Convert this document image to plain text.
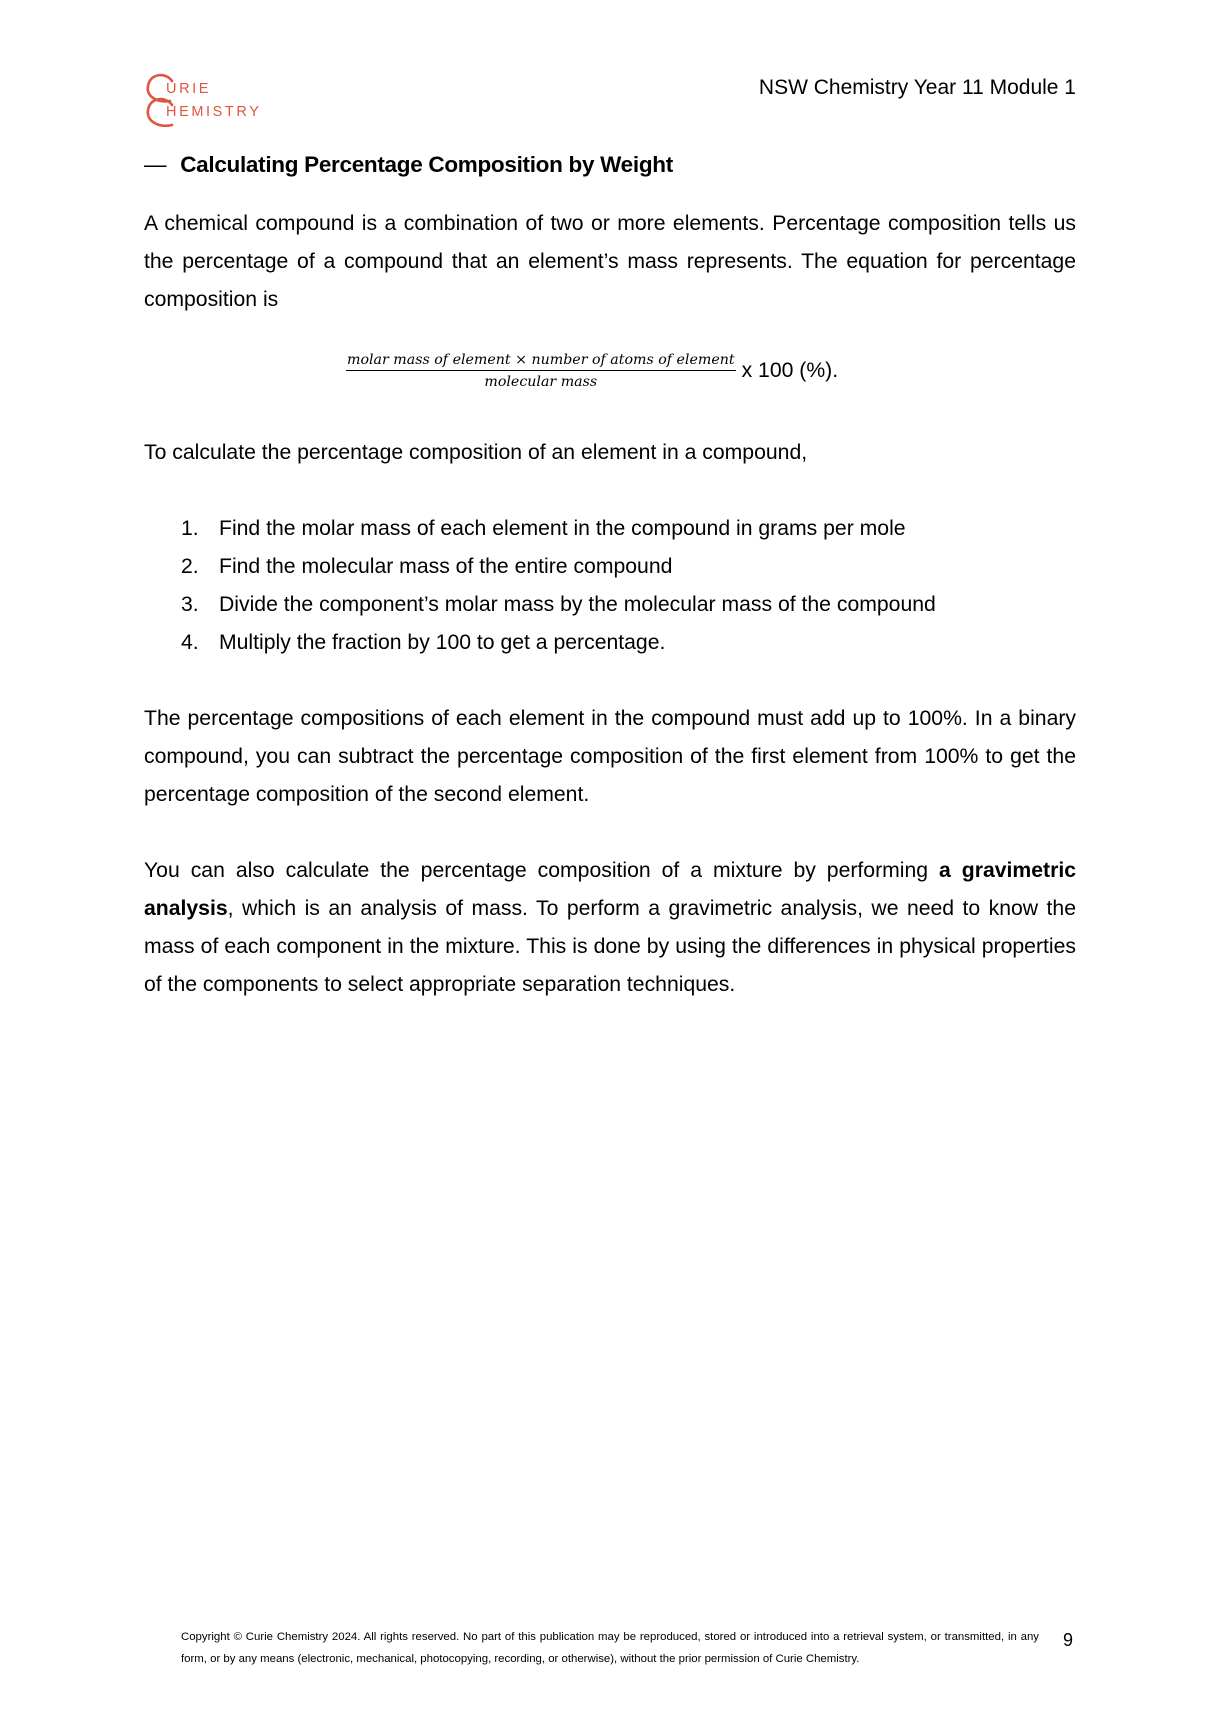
URIE
HEMISTRY
NSW Chemistry Year 11 Module 1
— Calculating Percentage Composition by Weight

A chemical compound is a combination of two or more elements. Percentage composition tells us the percentage of a compound that an element’s mass represents. The equation for percentage composition is

$\frac{\text{molar mass of element × number of atoms of element}}{\text{molecular mass}}$ x 100 (%).

To calculate the percentage composition of an element in a compound,

1. Find the molar mass of each element in the compound in grams per mole
2. Find the molecular mass of the entire compound
3. Divide the component’s molar mass by the molecular mass of the compound
4. Multiply the fraction by 100 to get a percentage.

The percentage compositions of each element in the compound must add up to 100%. In a binary compound, you can subtract the percentage composition of the first element from 100% to get the percentage composition of the second element.

You can also calculate the percentage composition of a mixture by performing a gravimetric analysis, which is an analysis of mass. To perform a gravimetric analysis, we need to know the mass of each component in the mixture. This is done by using the differences in physical properties of the components to select appropriate separation techniques.

Copyright © Curie Chemistry 2024. All rights reserved. No part of this publication may be reproduced, stored or introduced into a retrieval system, or transmitted, in any form, or by any means (electronic, mechanical, photocopying, recording, or otherwise), without the prior permission of Curie Chemistry.

9
